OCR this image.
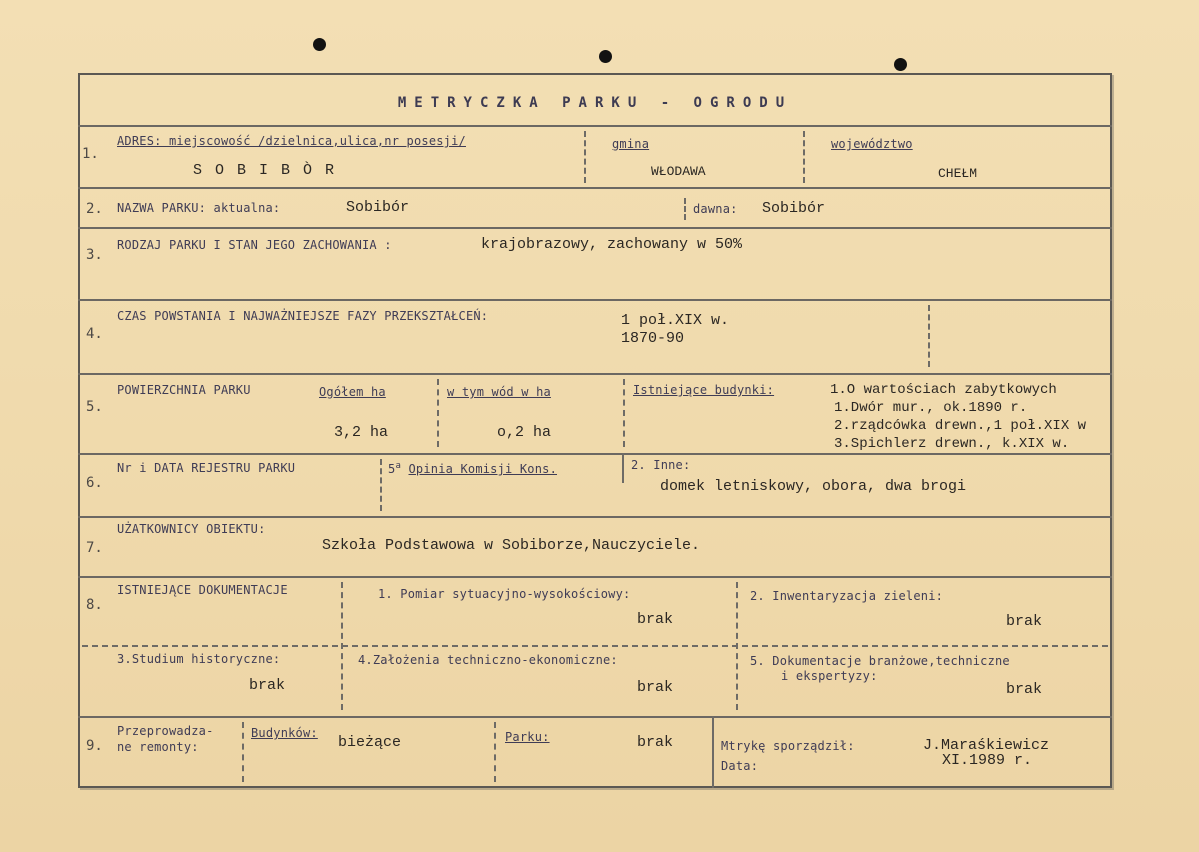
METRYCZKA PARKU - OGRODU
1.
ADRES: miejscowość /dzielnica,ulica,nr posesji/
S O B I B Ò R
gmina
WŁODAWA
województwo
CHEŁM
2. NAZWA PARKU: aktualna:	Sobibór	dawna: Sobibór
3.
RODZAJ PARKU I STAN JEGO ZACHOWANIA :	krajobrazowy, zachowany w 50%
4.
CZAS POWSTANIA I NAJWAŻNIEJSZE FAZY PRZEKSZTAŁCEŃ:	1 poł.XIX w.
1870-90
5.
POWIERZCHNIA PARKU	Ogółem ha
3,2 ha
w tym wód w ha
o,2 ha
Istniejące budynki:	1.O wartościach zabytkowych
1.Dwór mur., ok.1890 r.
2.rządcówka drewn.,1 poł.XIX w
3.Spichlerz drewn., k.XIX w.
6.
Nr i DATA REJESTRU PARKU	5$^a$ Opinia Komisji Kons.	2. Inne:
domek letniskowy, obora, dwa brogi
7.
UŻATKOWNICY OBIEKTU:
Szkoła Podstawowa w Sobiborze,Nauczyciele.
8.
ISTNIEJĄCE DOKUMENTACJE	1. Pomiar sytuacyjno-wysokościowy:
brak
2. Inwentaryzacja zieleni:
brak
3.Studium historyczne:
brak
4.Założenia techniczno-ekonomiczne:
brak
5. Dokumentacje branżowe,techniczne
i ekspertyzy:
brak
9.
Przeprowadza-
ne remonty:
Budynków:
bieżące	Parku:	brak	Mtrykę sporządził:	J.Maraśkiewicz
Data:	XI.1989 r.
